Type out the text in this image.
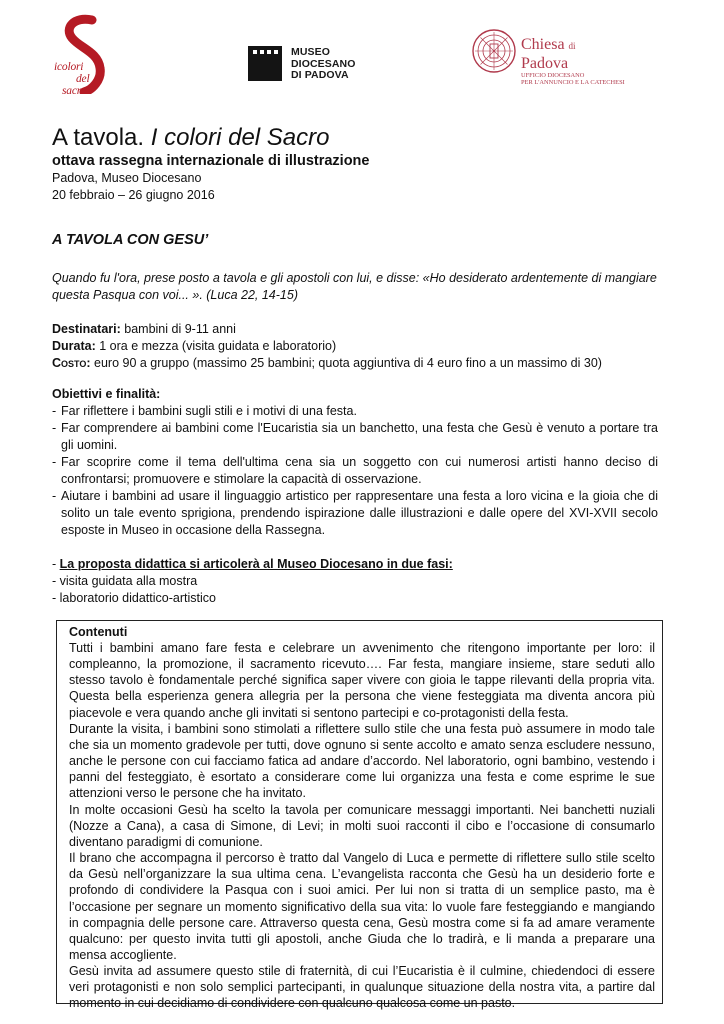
icolori
del
sacro
MUSEO
DIOCESANO
DI PADOVA
Chiesa di
Padova
UFFICIO DIOCESANO
PER L'ANNUNCIO E LA CATECHESI
A tavola. I colori del Sacro
ottava rassegna internazionale di illustrazione
Padova, Museo Diocesano
20 febbraio – 26 giugno 2016
A TAVOLA CON GESU’
Quando fu l'ora, prese posto a tavola e gli apostoli con lui, e disse: «Ho desiderato ardentemente di mangiare questa Pasqua con voi... ». (Luca 22, 14-15)
Destinatari: bambini di 9-11 anni
Durata: 1 ora e mezza (visita guidata e laboratorio)
Costo: euro 90 a gruppo (massimo 25 bambini; quota aggiuntiva di 4 euro fino a un massimo di 30)
Obiettivi e finalità:
- Far riflettere i bambini sugli stili e i motivi di una festa.
- Far comprendere ai bambini come l'Eucaristia sia un banchetto, una festa che Gesù è venuto a portare tra gli uomini.
- Far scoprire come il tema dell'ultima cena sia un soggetto con cui numerosi artisti hanno deciso di confrontarsi; promuovere e stimolare la capacità di osservazione.
- Aiutare i bambini ad usare il linguaggio artistico per rappresentare una festa a loro vicina e la gioia che di solito un tale evento sprigiona, prendendo ispirazione dalle illustrazioni e dalle opere del XVI-XVII secolo esposte in Museo in occasione della Rassegna.
- La proposta didattica si articolerà al Museo Diocesano in due fasi:
- visita guidata alla mostra
- laboratorio didattico-artistico
Contenuti

Tutti i bambini amano fare festa e celebrare un avvenimento che ritengono importante per loro: il compleanno, la promozione, il sacramento ricevuto…. Far festa, mangiare insieme, stare seduti allo stesso tavolo è fondamentale perché significa saper vivere con gioia le tappe rilevanti della propria vita. Questa bella esperienza genera allegria per la persona che viene festeggiata ma diventa ancora più piacevole e vera quando anche gli invitati si sentono partecipi e co-protagonisti della festa.

Durante la visita, i bambini sono stimolati a riflettere sullo stile che una festa può assumere in modo tale che sia un momento gradevole per tutti, dove ognuno si sente accolto e amato senza escludere nessuno, anche le persone con cui facciamo fatica ad andare d’accordo. Nel laboratorio, ogni bambino, vestendo i panni del festeggiato, è esortato a considerare come lui organizza una festa e come esprime le sue attenzioni verso le persone che ha invitato.

In molte occasioni Gesù ha scelto la tavola per comunicare messaggi importanti. Nei banchetti nuziali (Nozze a Cana), a casa di Simone, di Levi; in molti suoi racconti il cibo e l’occasione di consumarlo diventano paradigmi di comunione.

Il brano che accompagna il percorso è tratto dal Vangelo di Luca e permette di riflettere sullo stile scelto da Gesù nell’organizzare la sua ultima cena. L’evangelista racconta che Gesù ha un desiderio forte e profondo di condividere la Pasqua con i suoi amici. Per lui non si tratta di un semplice pasto, ma è l’occasione per segnare un momento significativo della sua vita: lo vuole fare festeggiando e mangiando in compagnia delle persone care. Attraverso questa cena, Gesù mostra come si fa ad amare veramente qualcuno: per questo invita tutti gli apostoli, anche Giuda che lo tradirà, e li manda a preparare una mensa accogliente.

Gesù invita ad assumere questo stile di fraternità, di cui l’Eucaristia è il culmine, chiedendoci di essere veri protagonisti e non solo semplici partecipanti, in qualunque situazione della nostra vita, a partire dal momento in cui decidiamo di condividere con qualcuno qualcosa come un pasto.
